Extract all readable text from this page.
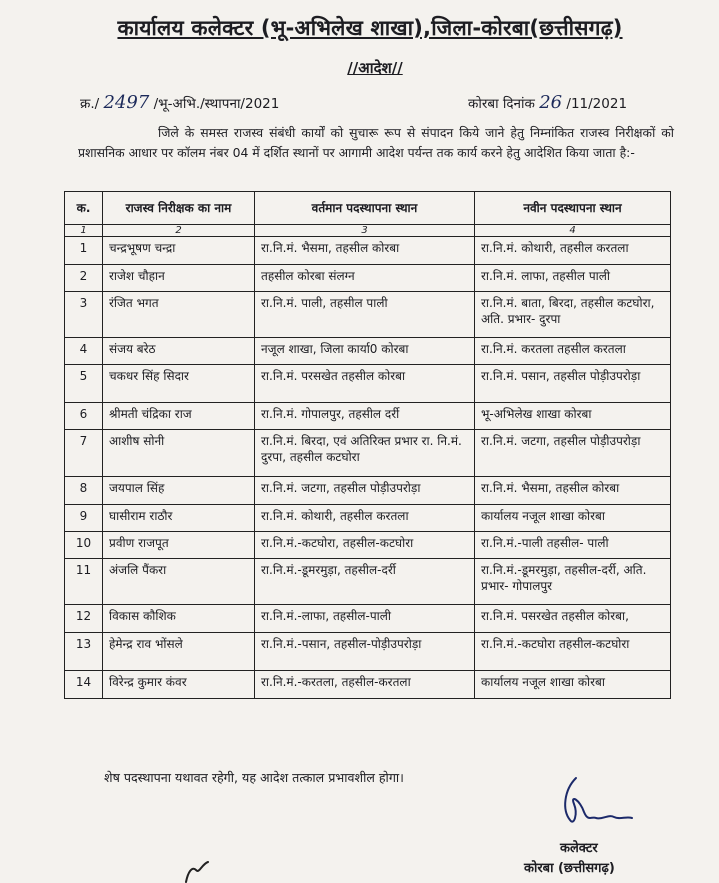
कार्यालय कलेक्टर (भू-अभिलेख शाखा),जिला-कोरबा(छत्तीसगढ़)
//आदेश//
क्र./ 2497 /भू-अभि./स्थापना/2021	कोरबा दिनांक 26 /11/2021
जिले के समस्त राजस्व संबंधी कार्यों को सुचारू रूप से संपादन किये जाने हेतु निम्नांकित राजस्व निरीक्षकों को प्रशासनिक आधार पर कॉलम नंबर 04 में दर्शित स्थानों पर आगामी आदेश पर्यन्त तक कार्य करने हेतु आदेशित किया जाता है:-
क.	राजस्व निरीक्षक का नाम	वर्तमान पदस्थापना स्थान	नवीन पदस्थापना स्थान
1	2	3	4
1	चन्द्रभूषण चन्द्रा	रा.नि.मं. भैसमा, तहसील कोरबा	रा.नि.मं. कोथारी, तहसील करतला
2	राजेश चौहान	तहसील कोरबा संलग्न	रा.नि.मं. लाफा, तहसील पाली
3	रंजित भगत	रा.नि.मं. पाली, तहसील पाली	रा.नि.मं. बाता, बिरदा, तहसील कटघोरा, अति. प्रभार- दुरपा
4	संजय बरेठ	नजूल शाखा, जिला कार्या0 कोरबा	रा.नि.मं. करतला तहसील करतला
5	चकधर सिंह सिदार	रा.नि.मं. परसखेत तहसील कोरबा	रा.नि.मं. पसान, तहसील पोड़ीउपरोड़ा
6	श्रीमती चंद्रिका राज	रा.नि.मं. गोपालपुर, तहसील दर्री	भू-अभिलेख शाखा कोरबा
7	आशीष सोनी	रा.नि.मं. बिरदा, एवं अतिरिक्त प्रभार रा. नि.मं. दुरपा, तहसील कटघोरा	रा.नि.मं. जटगा, तहसील पोड़ीउपरोड़ा
8	जयपाल सिंह	रा.नि.मं. जटगा, तहसील पोड़ीउपरोड़ा	रा.नि.मं. भैसमा, तहसील कोरबा
9	घासीराम राठौर	रा.नि.मं. कोथारी, तहसील करतला	कार्यालय नजूल शाखा कोरबा
10	प्रवीण राजपूत	रा.नि.मं.-कटघोरा, तहसील-कटघोरा	रा.नि.मं.-पाली तहसील- पाली
11	अंजलि पैंकरा	रा.नि.मं.-डूमरमुड़ा, तहसील-दर्री	रा.नि.मं.-डूमरमुड़ा, तहसील-दर्री, अति. प्रभार- गोपालपुर
12	विकास कौशिक	रा.नि.मं.-लाफा, तहसील-पाली	रा.नि.मं. पसरखेत तहसील कोरबा,
13	हेमेन्द्र राव भोंसले	रा.नि.मं.-पसान, तहसील-पोड़ीउपरोड़ा	रा.नि.मं.-कटघोरा तहसील-कटघोरा
14	विरेन्द्र कुमार कंवर	रा.नि.मं.-करतला, तहसील-करतला	कार्यालय नजूल शाखा कोरबा
शेष पदस्थापना यथावत रहेगी, यह आदेश तत्काल प्रभावशील होगा।
कलेक्टर
कोरबा (छत्तीसगढ़)
